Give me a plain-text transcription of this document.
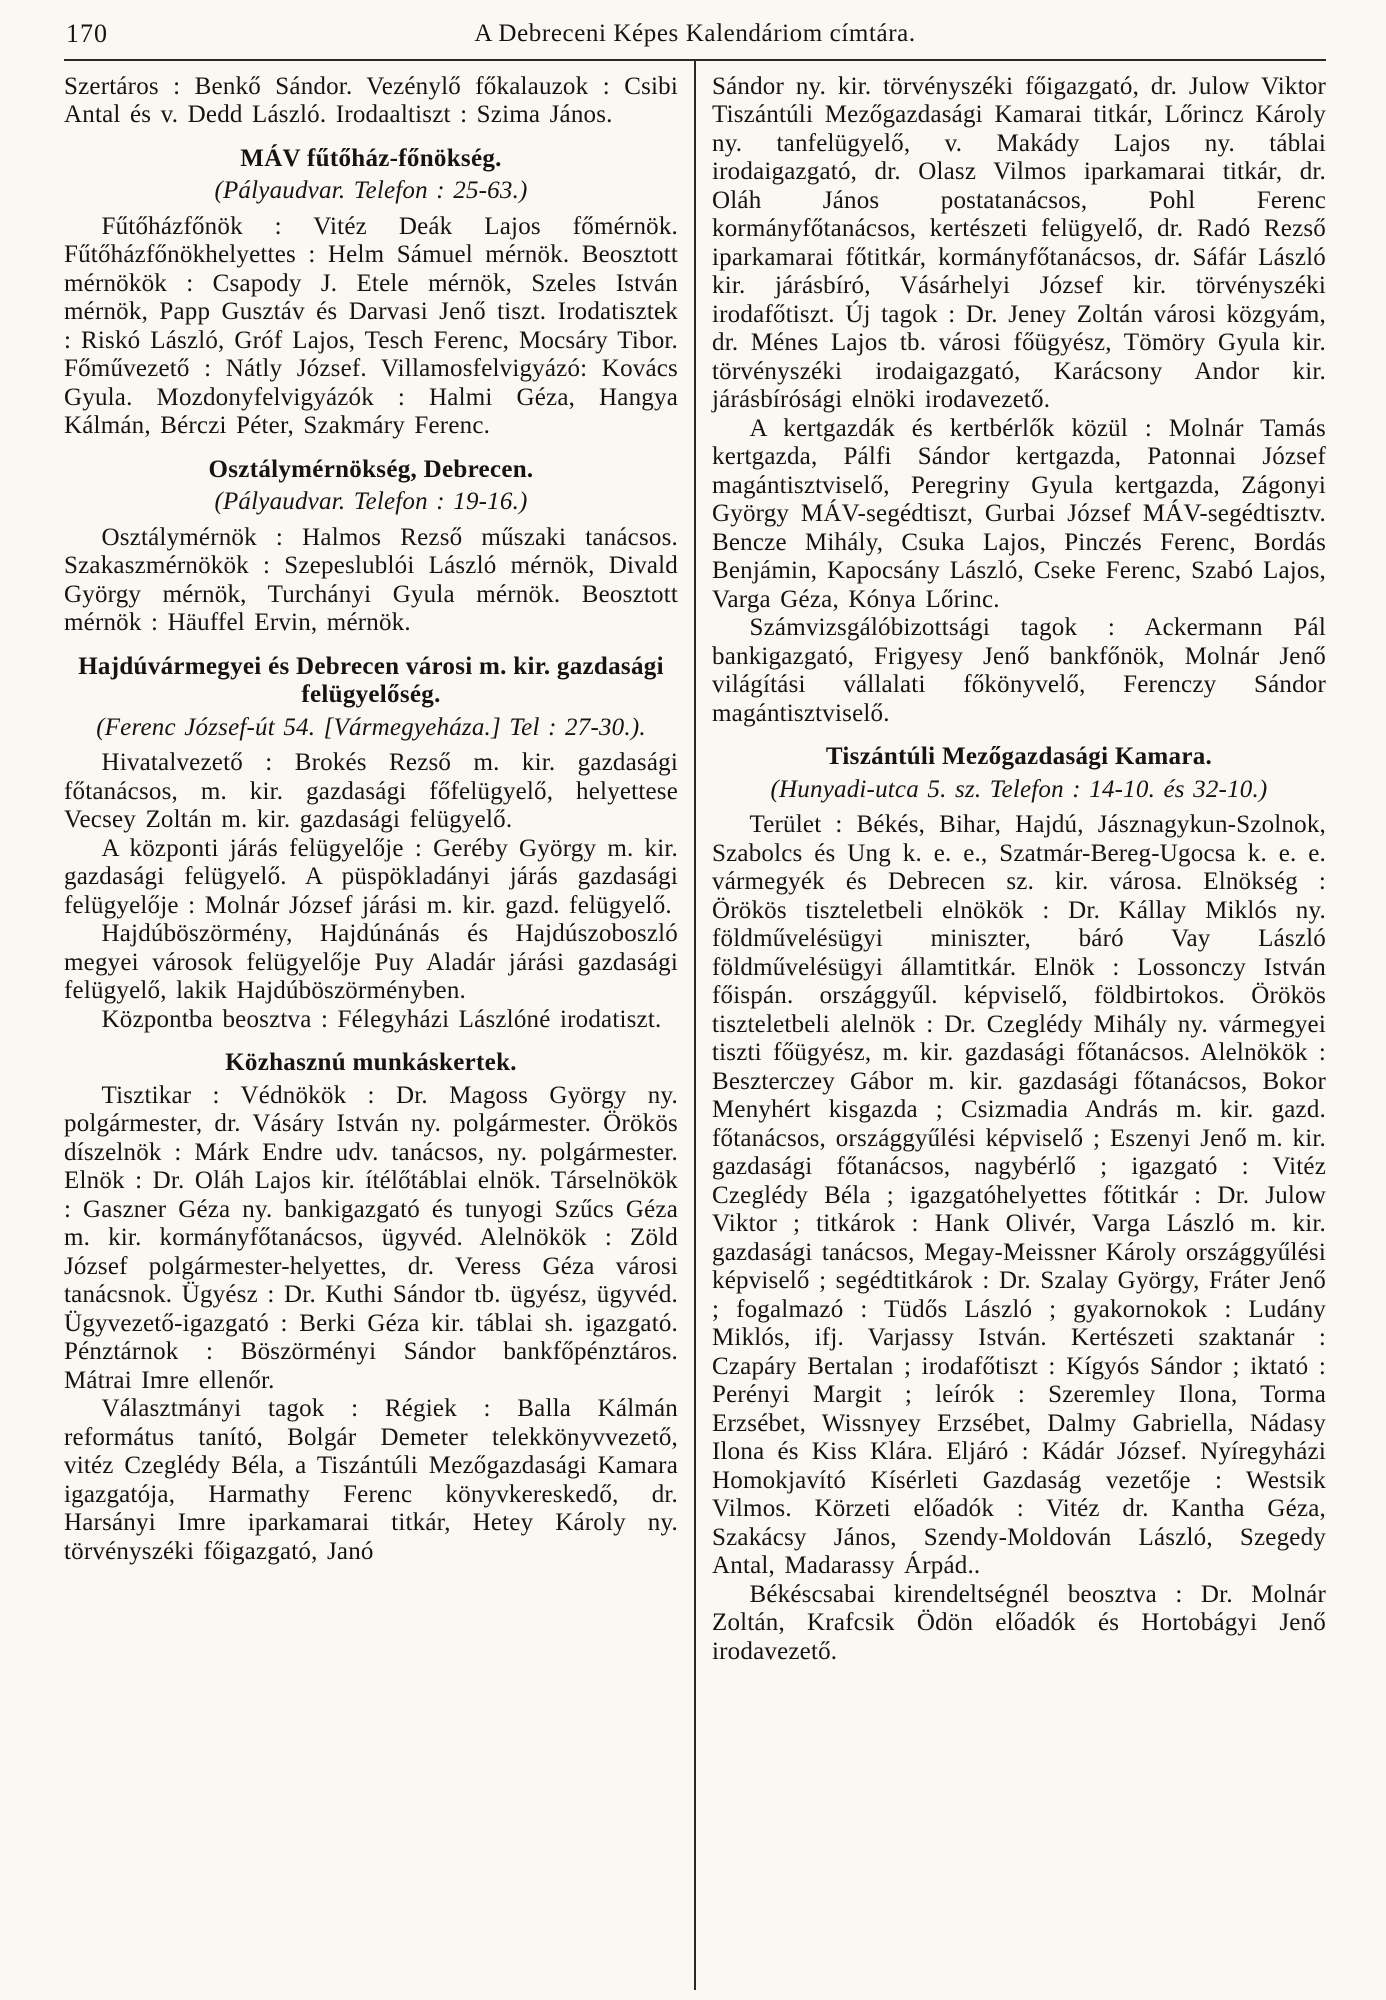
170	A Debreceni Képes Kalendáriom címtára.

Szertáros : Benkő Sándor. Vezénylő főkalauzok : Csibi Antal és v. Dedd László. Irodaaltiszt : Szima János.

MÁV fűtőház-főnökség.

(Pályaudvar. Telefon : 25-63.)

Fűtőházfőnök : Vitéz Deák Lajos főmérnök. Fűtőházfőnökhelyettes : Helm Sámuel mérnök. Beosztott mérnökök : Csapody J. Etele mérnök, Szeles István mérnök, Papp Gusztáv és Darvasi Jenő tiszt. Irodatisztek : Riskó László, Gróf Lajos, Tesch Ferenc, Mocsáry Tibor. Főművezető : Nátly József. Villamosfelvigyázó: Kovács Gyula. Mozdonyfelvigyázók : Halmi Géza, Hangya Kálmán, Bérczi Péter, Szakmáry Ferenc.

Osztálymérnökség, Debrecen.

(Pályaudvar. Telefon : 19-16.)

Osztálymérnök : Halmos Rezső műszaki tanácsos. Szakaszmérnökök : Szepeslublói László mérnök, Divald György mérnök, Turchányi Gyula mérnök. Beosztott mérnök : Häuffel Ervin, mérnök.

Hajdúvármegyei és Debrecen városi m. kir. gazdasági felügyelőség.

(Ferenc József-út 54. [Vármegyeháza.] Tel : 27-30.).

Hivatalvezető : Brokés Rezső m. kir. gazdasági főtanácsos, m. kir. gazdasági főfelügyelő, helyettese Vecsey Zoltán m. kir. gazdasági felügyelő.

A központi járás felügyelője : Geréby György m. kir. gazdasági felügyelő. A püspökladányi járás gazdasági felügyelője : Molnár József járási m. kir. gazd. felügyelő.

Hajdúböszörmény, Hajdúnánás és Hajdúszoboszló megyei városok felügyelője Puy Aladár járási gazdasági felügyelő, lakik Hajdúböszörményben.

Központba beosztva : Félegyházi Lászlóné irodatiszt.

Közhasznú munkáskertek.

Tisztikar : Védnökök : Dr. Magoss György ny. polgármester, dr. Vásáry István ny. polgármester. Örökös díszelnök : Márk Endre udv. tanácsos, ny. polgármester. Elnök : Dr. Oláh Lajos kir. ítélőtáblai elnök. Társelnökök : Gaszner Géza ny. bankigazgató és tunyogi Szűcs Géza m. kir. kormányfőtanácsos, ügyvéd. Alelnökök : Zöld József polgármester-helyettes, dr. Veress Géza városi tanácsnok. Ügyész : Dr. Kuthi Sándor tb. ügyész, ügyvéd. Ügyvezető-igazgató : Berki Géza kir. táblai sh. igazgató. Pénztárnok : Böszörményi Sándor bankfőpénztáros. Mátrai Imre ellenőr.

Választmányi tagok : Régiek : Balla Kálmán református tanító, Bolgár Demeter telekkönyvvezető, vitéz Czeglédy Béla, a Tiszántúli Mezőgazdasági Kamara igazgatója, Harmathy Ferenc könyvkereskedő, dr. Harsányi Imre iparkamarai titkár, Hetey Károly ny. törvényszéki főigazgató, Janó

Sándor ny. kir. törvényszéki főigazgató, dr. Julow Viktor Tiszántúli Mezőgazdasági Kamarai titkár, Lőrincz Károly ny. tanfelügyelő, v. Makády Lajos ny. táblai irodaigazgató, dr. Olasz Vilmos iparkamarai titkár, dr. Oláh János postatanácsos, Pohl Ferenc kormányfőtanácsos, kertészeti felügyelő, dr. Radó Rezső iparkamarai főtitkár, kormányfőtanácsos, dr. Sáfár László kir. járásbíró, Vásárhelyi József kir. törvényszéki irodafőtiszt. Új tagok : Dr. Jeney Zoltán városi közgyám, dr. Ménes Lajos tb. városi főügyész, Tömöry Gyula kir. törvényszéki irodaigazgató, Karácsony Andor kir. járásbírósági elnöki irodavezető.

A kertgazdák és kertbérlők közül : Molnár Tamás kertgazda, Pálfi Sándor kertgazda, Patonnai József magántisztviselő, Peregriny Gyula kertgazda, Zágonyi György MÁV-segédtiszt, Gurbai József MÁV-segédtisztv. Bencze Mihály, Csuka Lajos, Pinczés Ferenc, Bordás Benjámin, Kapocsány László, Cseke Ferenc, Szabó Lajos, Varga Géza, Kónya Lőrinc.

Számvizsgálóbizottsági tagok : Ackermann Pál bankigazgató, Frigyesy Jenő bankfőnök, Molnár Jenő világítási vállalati főkönyvelő, Ferenczy Sándor magántisztviselő.

Tiszántúli Mezőgazdasági Kamara.

(Hunyadi-utca 5. sz. Telefon : 14-10. és 32-10.)

Terület : Békés, Bihar, Hajdú, Jásznagykun-Szolnok, Szabolcs és Ung k. e. e., Szatmár-Bereg-Ugocsa k. e. e. vármegyék és Debrecen sz. kir. városa. Elnökség : Örökös tiszteletbeli elnökök : Dr. Kállay Miklós ny. földművelésügyi miniszter, báró Vay László földművelésügyi államtitkár. Elnök : Lossonczy István főispán. országgyűl. képviselő, földbirtokos. Örökös tiszteletbeli alelnök : Dr. Czeglédy Mihály ny. vármegyei tiszti főügyész, m. kir. gazdasági főtanácsos. Alelnökök : Beszterczey Gábor m. kir. gazdasági főtanácsos, Bokor Menyhért kisgazda ; Csizmadia András m. kir. gazd. főtanácsos, országgyűlési képviselő ; Eszenyi Jenő m. kir. gazdasági főtanácsos, nagybérlő ; igazgató : Vitéz Czeglédy Béla ; igazgatóhelyettes főtitkár : Dr. Julow Viktor ; titkárok : Hank Olivér, Varga László m. kir. gazdasági tanácsos, Megay-Meissner Károly országgyűlési képviselő ; segédtitkárok : Dr. Szalay György, Fráter Jenő ; fogalmazó : Tüdős László ; gyakornokok : Ludány Miklós, ifj. Varjassy István. Kertészeti szaktanár : Czapáry Bertalan ; irodafőtiszt : Kígyós Sándor ; iktató : Perényi Margit ; leírók : Szeremley Ilona, Torma Erzsébet, Wissnyey Erzsébet, Dalmy Gabriella, Nádasy Ilona és Kiss Klára. Eljáró : Kádár József. Nyíregyházi Homokjavító Kísérleti Gazdaság vezetője : Westsik Vilmos. Körzeti előadók : Vitéz dr. Kantha Géza, Szakácsy János, Szendy-Moldován László, Szegedy Antal, Madarassy Árpád..

Békéscsabai kirendeltségnél beosztva : Dr. Molnár Zoltán, Krafcsik Ödön előadók és Hortobágyi Jenő irodavezető.
